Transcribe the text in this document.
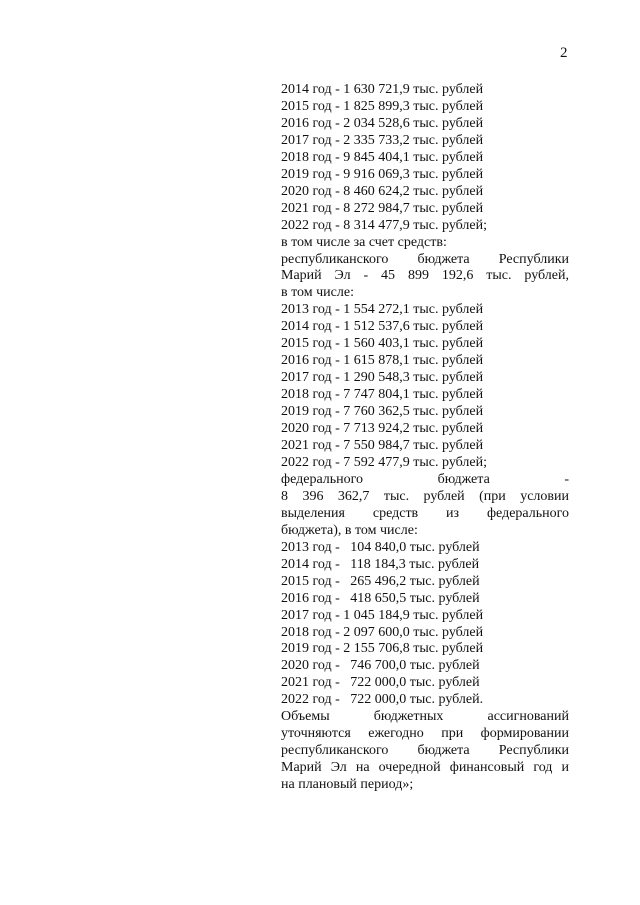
2
2014 год - 1 630 721,9 тыс. рублей
2015 год - 1 825 899,3 тыс. рублей
2016 год - 2 034 528,6 тыс. рублей
2017 год - 2 335 733,2 тыс. рублей
2018 год - 9 845 404,1 тыс. рублей
2019 год - 9 916 069,3 тыс. рублей
2020 год - 8 460 624,2 тыс. рублей
2021 год - 8 272 984,7 тыс. рублей
2022 год - 8 314 477,9 тыс. рублей;
в том числе за счет средств:
республиканского бюджета Республики
Марий Эл - 45 899 192,6 тыс. рублей,
в том числе:
2013 год - 1 554 272,1 тыс. рублей
2014 год - 1 512 537,6 тыс. рублей
2015 год - 1 560 403,1 тыс. рублей
2016 год - 1 615 878,1 тыс. рублей
2017 год - 1 290 548,3 тыс. рублей
2018 год - 7 747 804,1 тыс. рублей
2019 год - 7 760 362,5 тыс. рублей
2020 год - 7 713 924,2 тыс. рублей
2021 год - 7 550 984,7 тыс. рублей
2022 год - 7 592 477,9 тыс. рублей;
федерального бюджета -
8 396 362,7 тыс. рублей (при условии
выделения средств из федерального
бюджета), в том числе:
2013 год -   104 840,0 тыс. рублей
2014 год -   118 184,3 тыс. рублей
2015 год -   265 496,2 тыс. рублей
2016 год -   418 650,5 тыс. рублей
2017 год - 1 045 184,9 тыс. рублей
2018 год - 2 097 600,0 тыс. рублей
2019 год - 2 155 706,8 тыс. рублей
2020 год -   746 700,0 тыс. рублей
2021 год -   722 000,0 тыс. рублей
2022 год -   722 000,0 тыс. рублей.
Объемы бюджетных ассигнований
уточняются ежегодно при формировании
республиканского бюджета Республики
Марий Эл на очередной финансовый год и
на плановый период»;
